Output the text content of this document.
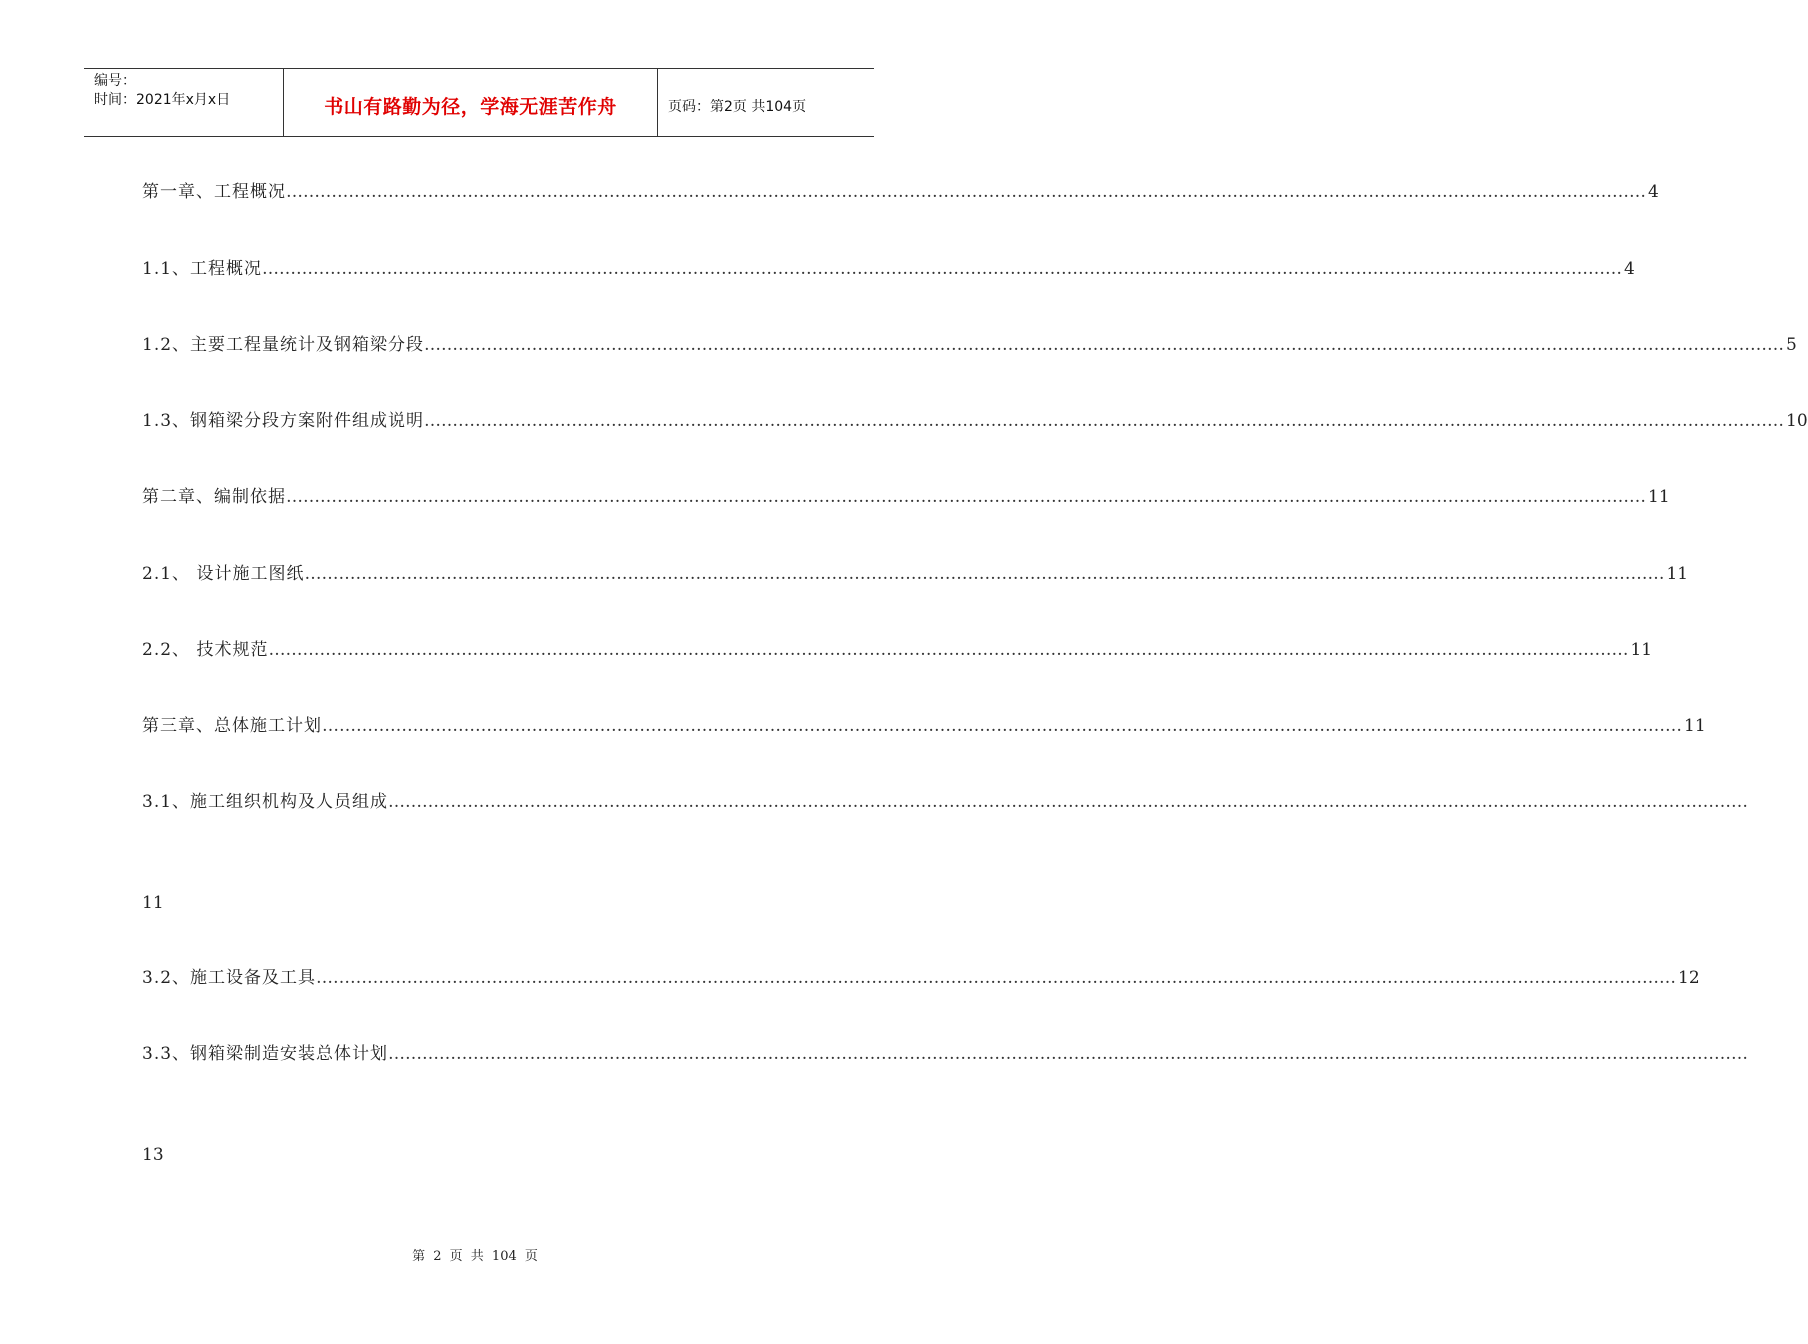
编号：
时间：2021年x月x日	书山有路勤为径，学海无涯苦作舟	页码：第2页 共104页
第一章、工程概况 …………………………………………………………………………………………………………………………………………………………………………………………………………………… 4
1.1、工程概况 …………………………………………………………………………………………………………………………………………………………………………………………………………………… 4
1.2、主要工程量统计及钢箱梁分段 …………………………………………………………………………………………………………………………………………………………………………………………………………………… 5
1.3、钢箱梁分段方案附件组成说明 …………………………………………………………………………………………………………………………………………………………………………………………………………………… 10
第二章、编制依据 …………………………………………………………………………………………………………………………………………………………………………………………………………………… 11
2.1、 设计施工图纸 …………………………………………………………………………………………………………………………………………………………………………………………………………………… 11
2.2、 技术规范 …………………………………………………………………………………………………………………………………………………………………………………………………………………… 11
第三章、总体施工计划 …………………………………………………………………………………………………………………………………………………………………………………………………………………… 11
3.1、施工组织机构及人员组成 ……………………………………………………………………………………………………………………………………………………………………………………………………………………
11
3.2、施工设备及工具 …………………………………………………………………………………………………………………………………………………………………………………………………………………… 12
3.3、钢箱梁制造安装总体计划 ……………………………………………………………………………………………………………………………………………………………………………………………………………………
13
第 2 页 共 104 页
